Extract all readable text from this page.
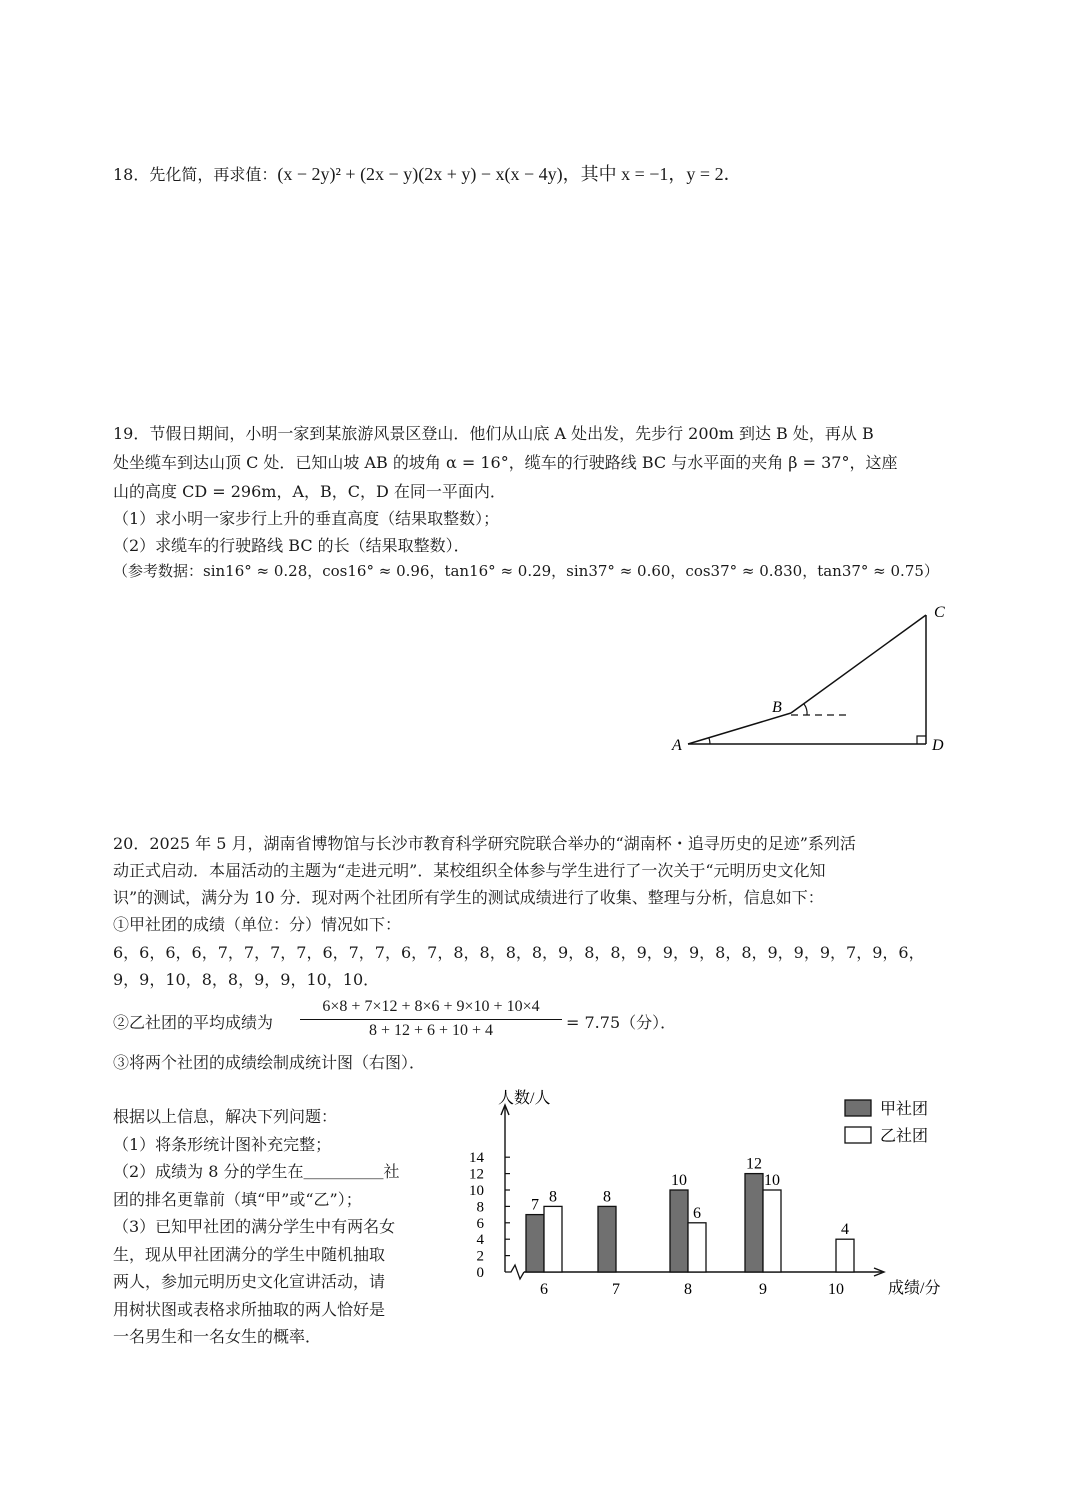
18．先化简，再求值：(x − 2y)² + (2x − y)(2x + y) − x(x − 4y)，其中 x = −1，y = 2．
19．节假日期间，小明一家到某旅游风景区登山．他们从山底 A 处出发，先步行 200m 到达 B 处，再从 B
处坐缆车到达山顶 C 处．已知山坡 AB 的坡角 α = 16°，缆车的行驶路线 BC 与水平面的夹角 β = 37°，这座
山的高度 CD = 296m，A，B，C，D 在同一平面内．
（1）求小明一家步行上升的垂直高度（结果取整数）；
（2）求缆车的行驶路线 BC 的长（结果取整数）．
（参考数据：sin16° ≈ 0.28，cos16° ≈ 0.96，tan16° ≈ 0.29，sin37° ≈ 0.60，cos37° ≈ 0.830，tan37° ≈ 0.75）
A
B
C
D
20．2025 年 5 月，湖南省博物馆与长沙市教育科学研究院联合举办的“湖南杯・追寻历史的足迹”系列活
动正式启动．本届活动的主题为“走进元明”．某校组织全体参与学生进行了一次关于“元明历史文化知
识”的测试，满分为 10 分．现对两个社团所有学生的测试成绩进行了收集、整理与分析，信息如下：
①甲社团的成绩（单位：分）情况如下：
6，6，6，6，7，7，7，7，6，7，7，6，7，8，8，8，8，9，8，8，9，9，9，8，8，9，9，9，7，9，6，
9，9，10，8，8，9，9，10，10．
②乙社团的平均成绩为
6×8 + 7×12 + 8×6 + 9×10 + 10×4
8 + 12 + 6 + 10 + 4	= 7.75（分）．
③将两个社团的成绩绘制成统计图（右图）．
根据以上信息，解决下列问题：
（1）将条形统计图补充完整；
（2）成绩为 8 分的学生在＿＿＿＿＿社
团的排名更靠前（填“甲”或“乙”）；
（3）已知甲社团的满分学生中有两名女
生，现从甲社团满分的学生中随机抽取
两人，参加元明历史文化宣讲活动，请
用树状图或表格求所抽取的两人恰好是
一名男生和一名女生的概率．
0
2
4
6
8
10
12
14
人数/人
成绩/分
6
7 8
7
8
8
10
6
9
12
10
10
4
甲社团
乙社团
